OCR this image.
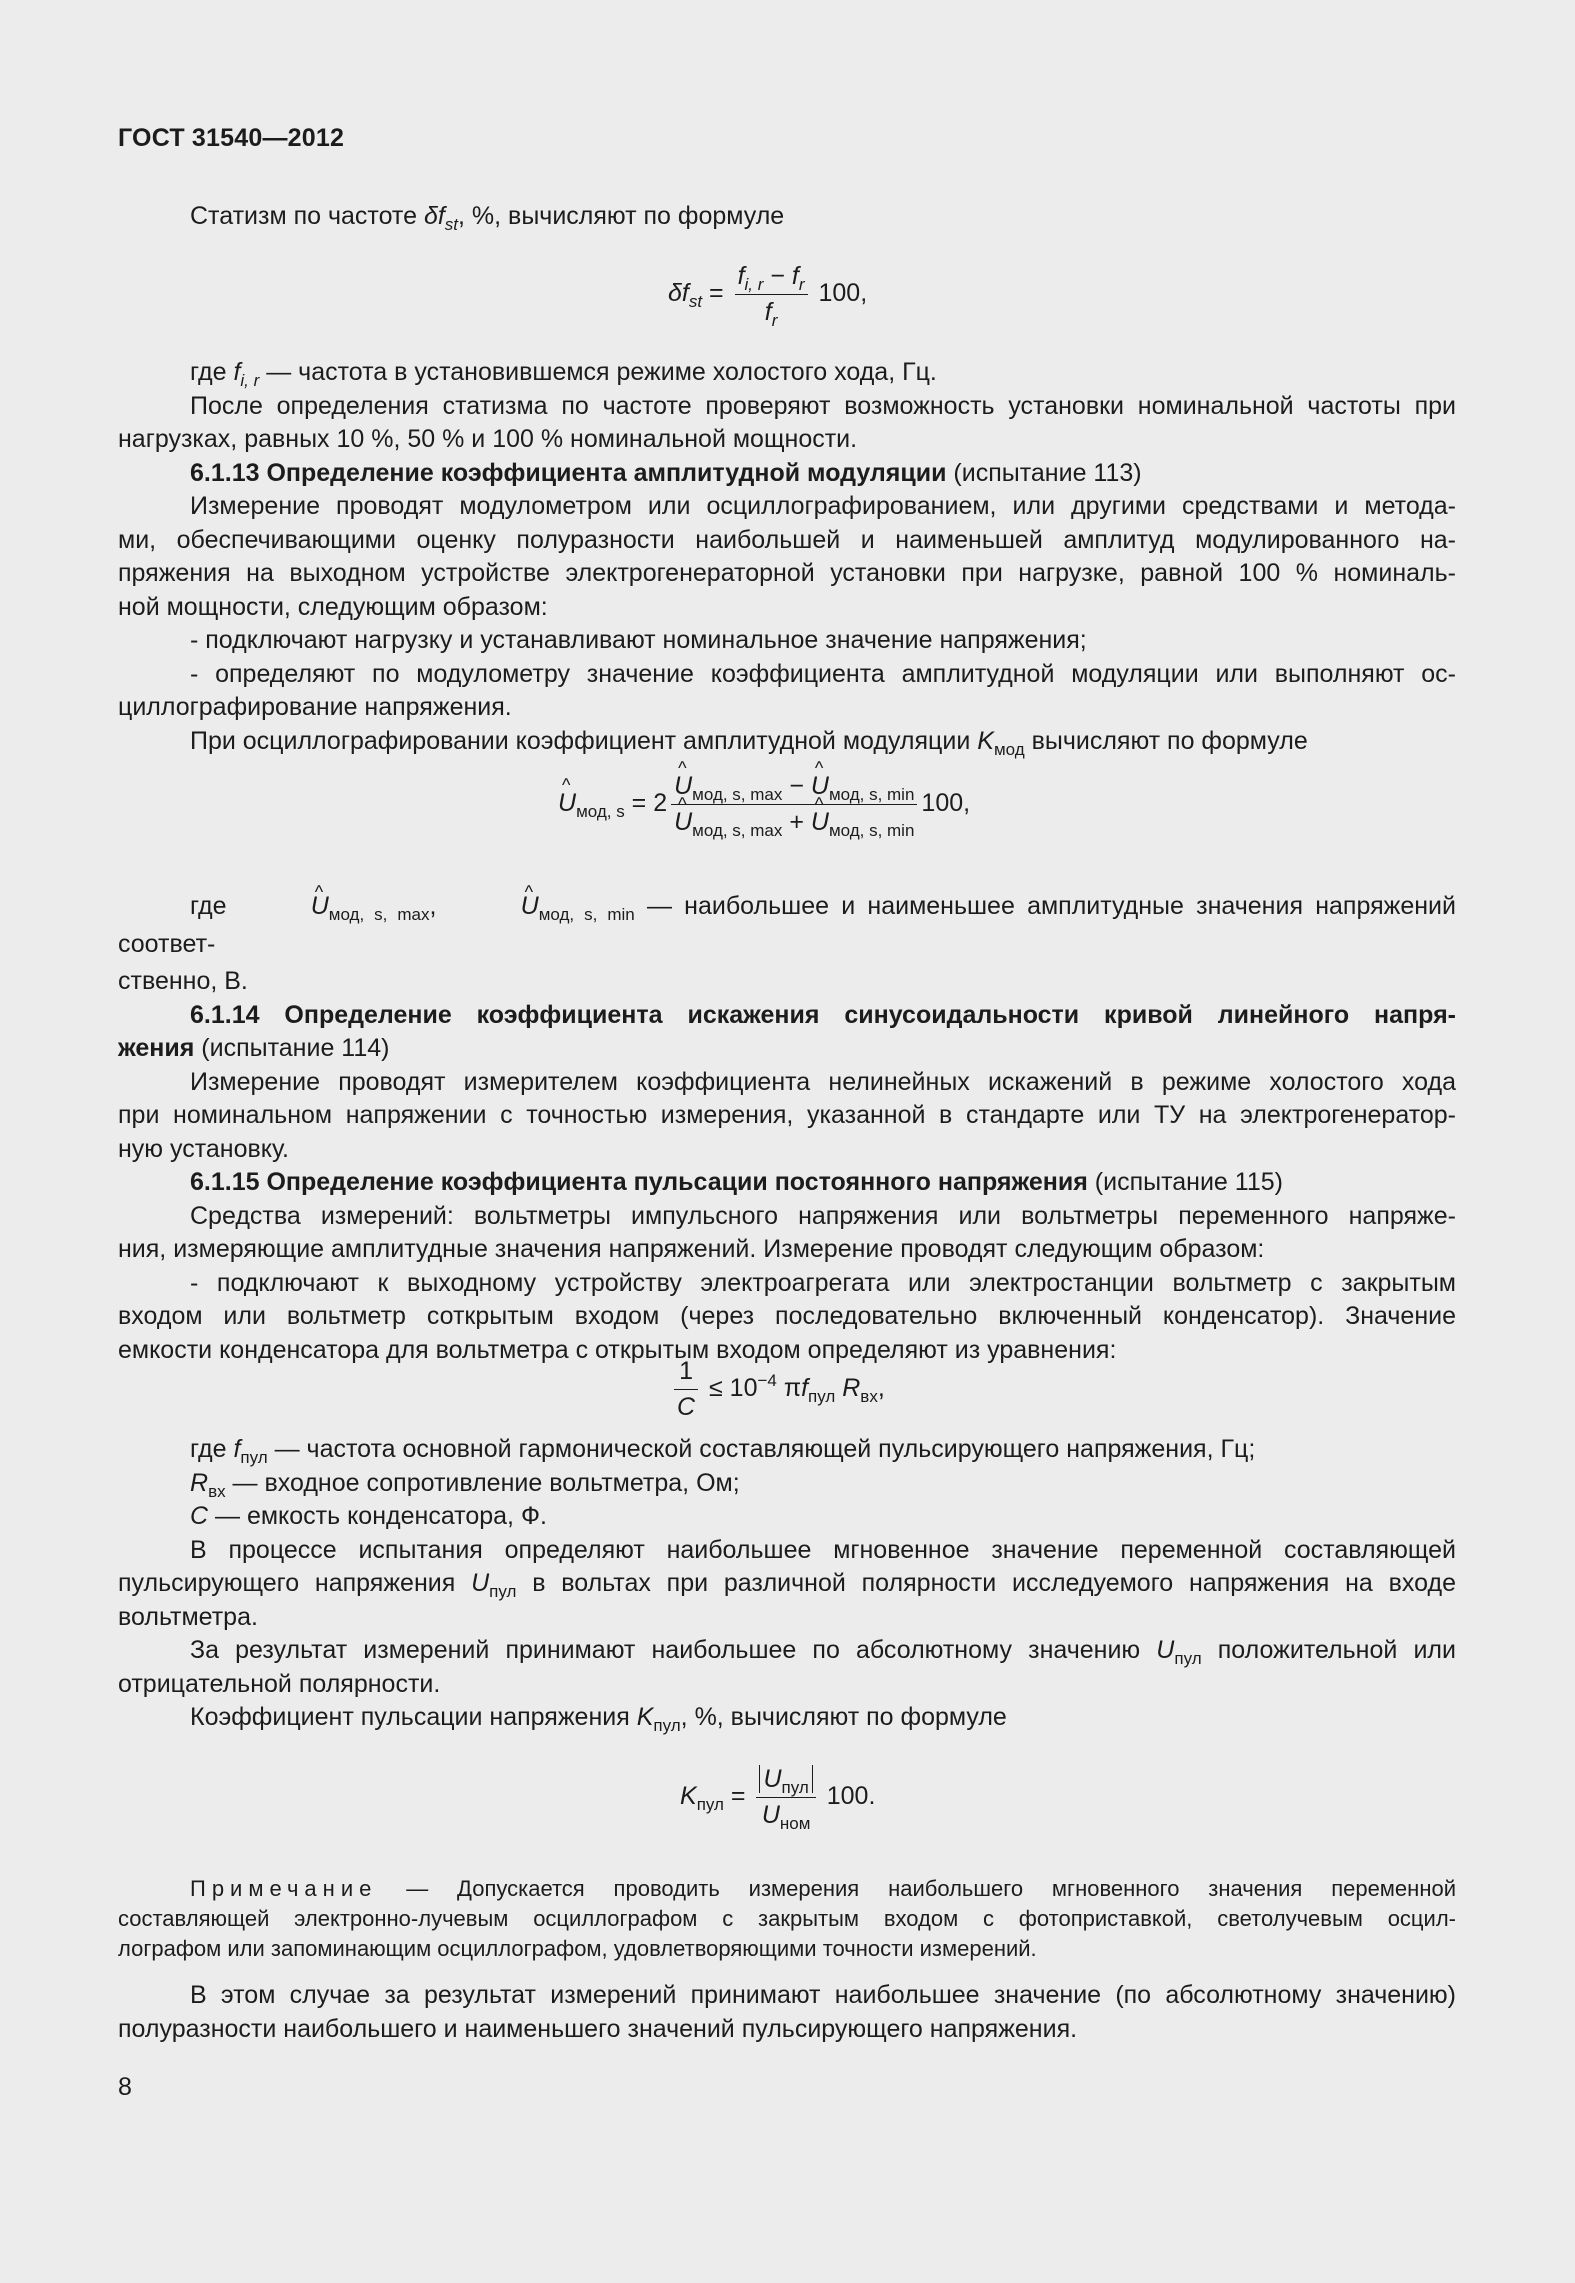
ГОСТ 31540—2012
Статизм по частоте $\delta f_{st}$, %, вычисляют по формуле
$\delta f_{st} = \frac{f_{i, r} - f_r}{f_r} 100$,
где $f_{i, r}$ — частота в установившемся режиме холостого хода, Гц.
После определения статизма по частоте проверяют возможность установки номинальной частоты при
нагрузках, равных 10 %, 50 % и 100 % номинальной мощности.
6.1.13 Определение коэффициента амплитудной модуляции (испытание 113)
Измерение проводят модулометром или осциллографированием, или другими средствами и метода-
ми, обеспечивающими оценку полуразности наибольшей и наименьшей амплитуд модулированного на-
пряжения на выходном устройстве электрогенераторной установки при нагрузке, равной 100 % номиналь-
ной мощности, следующим образом:
- подключают нагрузку и устанавливают номинальное значение напряжения;
- определяют по модулометру значение коэффициента амплитудной модуляции или выполняют ос-
циллографирование напряжения.
При осциллографировании коэффициент амплитудной модуляции $K_{мод}$ вычисляют по формуле
^ $U_{мод, s} = 2$ ^ $U_{мод, s, max}$ − ^ $U_{мод, s, min}$
^ $U_{мод, s, max}$ + ^ $U_{мод, s, min}$ 100,
где	^ $U_{мод, s, max}$,	^ $U_{мод, s, min}$ — наибольшее и наименьшее амплитудные значения напряжений соответ-
ственно, В.
6.1.14 Определение коэффициента искажения синусоидальности кривой линейного напря-
жения (испытание 114)
Измерение проводят измерителем коэффициента нелинейных искажений в режиме холостого хода
при номинальном напряжении с точностью измерения, указанной в стандарте или ТУ на электрогенератор-
ную установку.
6.1.15 Определение коэффициента пульсации постоянного напряжения (испытание 115)
Средства измерений: вольтметры импульсного напряжения или вольтметры переменного напряже-
ния, измеряющие амплитудные значения напряжений. Измерение проводят следующим образом:
- подключают к выходному устройству электроагрегата или электростанции вольтметр с закрытым
входом или вольтметр соткрытым входом (через последовательно включенный конденсатор). Значение
емкости конденсатора для вольтметра с открытым входом определяют из уравнения:
$\frac{1}{C} \le 10^{-4}$ $\pi f_{пул}$ $R_{вх}$,
где $f_{пул}$ — частота основной гармонической составляющей пульсирующего напряжения, Гц;
$R_{вх}$ — входное сопротивление вольтметра, Ом;
C — емкость конденсатора, Ф.
В процессе испытания определяют наибольшее мгновенное значение переменной составляющей
пульсирующего напряжения $U_{пул}$ в вольтах при различной полярности исследуемого напряжения на входе
вольтметра.
За результат измерений принимают наибольшее по абсолютному значению $U_{пул}$ положительной или
отрицательной полярности.
Коэффициент пульсации напряжения $K_{пул}$, %, вычисляют по формуле
$K_{пул} = \frac{U_{пул}}{U_{ном}} 100$.
Примечание — Допускается проводить измерения наибольшего мгновенного значения переменной
составляющей электронно-лучевым осциллографом с закрытым входом с фотоприставкой, светолучевым осцил-
лографом или запоминающим осциллографом, удовлетворяющими точности измерений.
В этом случае за результат измерений принимают наибольшее значение (по абсолютному значению)
полуразности наибольшего и наименьшего значений пульсирующего напряжения.
8
